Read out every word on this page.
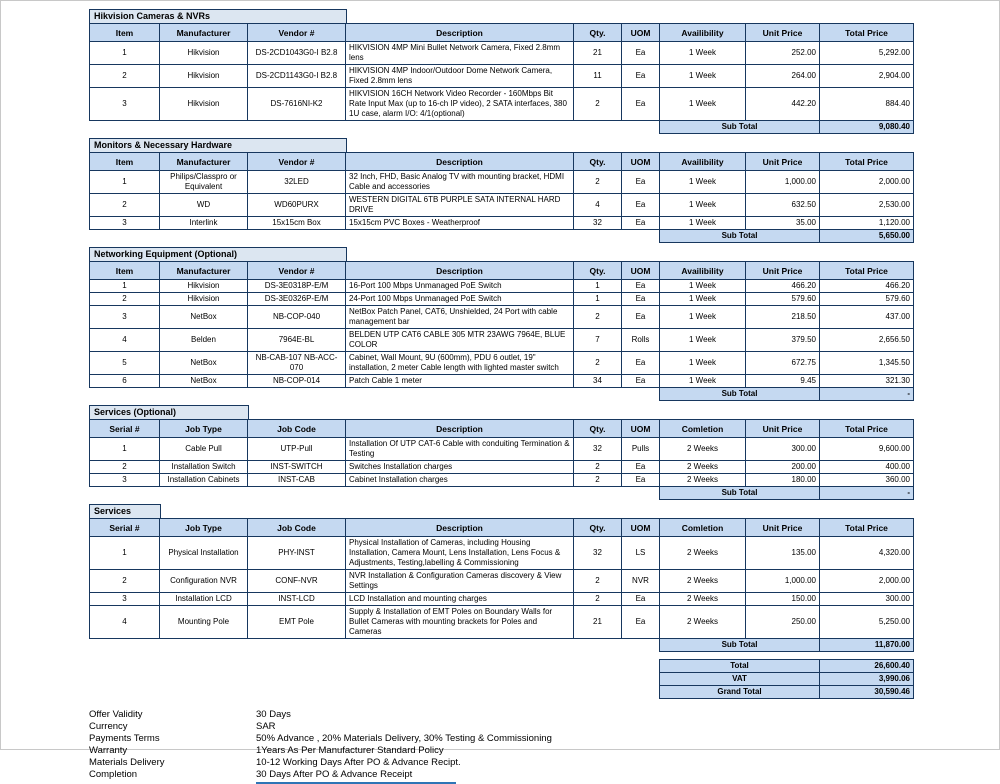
Hikvision Cameras & NVRs
Item	Manufacturer	Vendor #	Description	Qty.	UOM	Availibility	Unit Price	Total Price
1	Hikvision	DS-2CD1043G0-I B2.8	HIKVISION 4MP Mini Bullet Network Camera, Fixed 2.8mm lens	21	Ea	1 Week	252.00	5,292.00
2	Hikvision	DS-2CD1143G0-I B2.8	HIKVISION 4MP Indoor/Outdoor Dome Network Camera, Fixed 2.8mm lens	11	Ea	1 Week	264.00	2,904.00
3	Hikvision	DS-7616NI-K2	HIKVISION 16CH Network Video Recorder - 160Mbps Bit Rate Input Max (up to 16-ch IP video), 2 SATA interfaces, 380 1U case, alarm I/O: 4/1(optional)	2	Ea	1 Week	442.20	884.40
Sub Total	9,080.40
Monitors & Necessary Hardware
Item	Manufacturer	Vendor #	Description	Qty.	UOM	Availibility	Unit Price	Total Price
1	Philips/Classpro or Equivalent	32LED	32 Inch, FHD, Basic Analog TV with mounting bracket, HDMI Cable and accessories	2	Ea	1 Week	1,000.00	2,000.00
2	WD	WD60PURX	WESTERN DIGITAL 6TB PURPLE SATA INTERNAL HARD DRIVE	4	Ea	1 Week	632.50	2,530.00
3	Interlink	15x15cm Box	15x15cm PVC Boxes - Weatherproof	32	Ea	1 Week	35.00	1,120.00
Sub Total	5,650.00
Networking Equipment (Optional)
Item	Manufacturer	Vendor #	Description	Qty.	UOM	Availibility	Unit Price	Total Price
1	Hikvision	DS-3E0318P-E/M	16-Port 100 Mbps Unmanaged PoE Switch	1	Ea	1 Week	466.20	466.20
2	Hikvision	DS-3E0326P-E/M	24-Port 100 Mbps Unmanaged PoE Switch	1	Ea	1 Week	579.60	579.60
3	NetBox	NB-COP-040	NetBox Patch Panel, CAT6, Unshielded, 24 Port with cable management bar	2	Ea	1 Week	218.50	437.00
4	Belden	7964E-BL	BELDEN UTP CAT6 CABLE 305 MTR 23AWG 7964E, BLUE COLOR	7	Rolls	1 Week	379.50	2,656.50
5	NetBox	NB-CAB-107 NB-ACC-070	Cabinet, Wall Mount, 9U (600mm), PDU 6 outlet, 19" installation, 2 meter Cable length with lighted master switch	2	Ea	1 Week	672.75	1,345.50
6	NetBox	NB-COP-014	Patch Cable 1 meter	34	Ea	1 Week	9.45	321.30
Sub Total	-
Services (Optional)
Serial #	Job Type	Job Code	Description	Qty.	UOM	Comletion	Unit Price	Total Price
1	Cable Pull	UTP-Pull	Installation Of UTP CAT-6 Cable with conduiting Termination & Testing	32	Pulls	2 Weeks	300.00	9,600.00
2	Installation Switch	INST-SWITCH	Switches Installation charges	2	Ea	2 Weeks	200.00	400.00
3	Installation Cabinets	INST-CAB	Cabinet Installation charges	2	Ea	2 Weeks	180.00	360.00
Sub Total	-
Services
Serial #	Job Type	Job Code	Description	Qty.	UOM	Comletion	Unit Price	Total Price
1	Physical Installation	PHY-INST	Physical Installation of Cameras, including Housing Installation, Camera Mount, Lens Installation, Lens Focus & Adjustments, Testing,labelling & Commissioning	32	LS	2 Weeks	135.00	4,320.00
2	Configuration NVR	CONF-NVR	NVR Installation & Configuration Cameras discovery & View Settings	2	NVR	2 Weeks	1,000.00	2,000.00
3	Installation LCD	INST-LCD	LCD Installation and mounting charges	2	Ea	2 Weeks	150.00	300.00
4	Mounting Pole	EMT Pole	Supply & Installation of EMT Poles on Boundary Walls for Bullet Cameras with mounting brackets for Poles and Cameras	21	Ea	2 Weeks	250.00	5,250.00
Sub Total	11,870.00
Total	26,600.40
VAT	3,990.06
Grand Total	30,590.46
Offer Validity	30 Days
Currency	SAR
Payments Terms	50% Advance , 20% Materials Delivery, 30% Testing & Commissioning
Warranty	1Years As Per Manufacturer Standard Policy
Materials Delivery	10-12 Working Days After PO & Advance Recipt.
Completion	30 Days After PO & Advance Receipt
